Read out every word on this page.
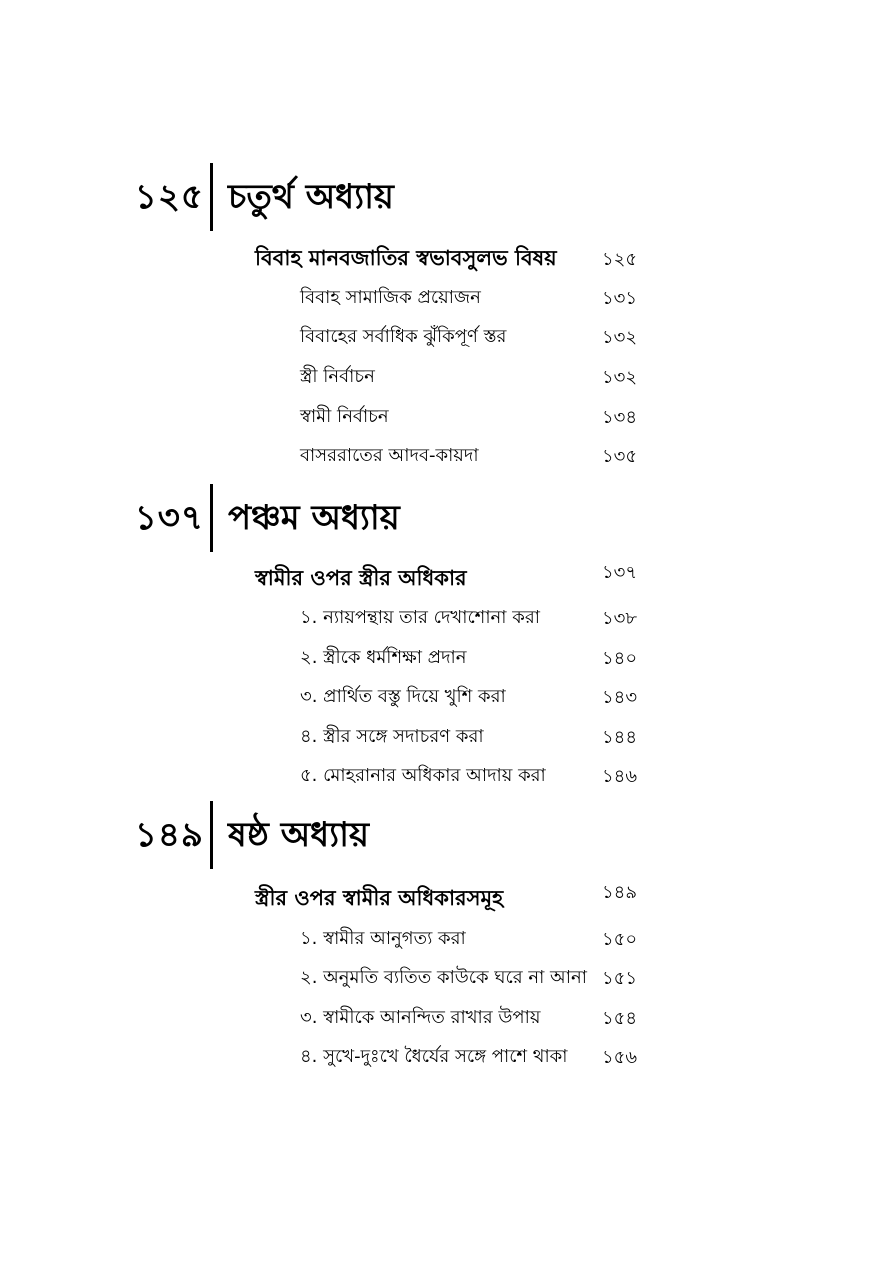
১২৫ চতুর্থ অধ্যায়
বিবাহ মানবজাতির স্বভাবসুলভ বিষয়	১২৫
বিবাহ সামাজিক প্রয়োজন	১৩১
বিবাহের সর্বাধিক ঝুঁকিপূর্ণ স্তর	১৩২
স্ত্রী নির্বাচন	১৩২
স্বামী নির্বাচন	১৩৪
বাসররাতের আদব-কায়দা	১৩৫
১৩৭ পঞ্চম অধ্যায়
স্বামীর ওপর স্ত্রীর অধিকার	১৩৭
১. ন্যায়পন্থায় তার দেখাশোনা করা	১৩৮
২. স্ত্রীকে ধর্মশিক্ষা প্রদান	১৪০
৩. প্রার্থিত বস্তু দিয়ে খুশি করা	১৪৩
৪. স্ত্রীর সঙ্গে সদাচরণ করা	১৪৪
৫. মোহরানার অধিকার আদায় করা	১৪৬
১৪৯ ষষ্ঠ অধ্যায়
স্ত্রীর ওপর স্বামীর অধিকারসমূহ	১৪৯
১. স্বামীর আনুগত্য করা	১৫০
২. অনুমতি ব্যতিত কাউকে ঘরে না আনা ১৫১
৩. স্বামীকে আনন্দিত রাখার উপায়	১৫৪
৪. সুখে-দুঃখে ধৈর্যের সঙ্গে পাশে থাকা ১৫৬
